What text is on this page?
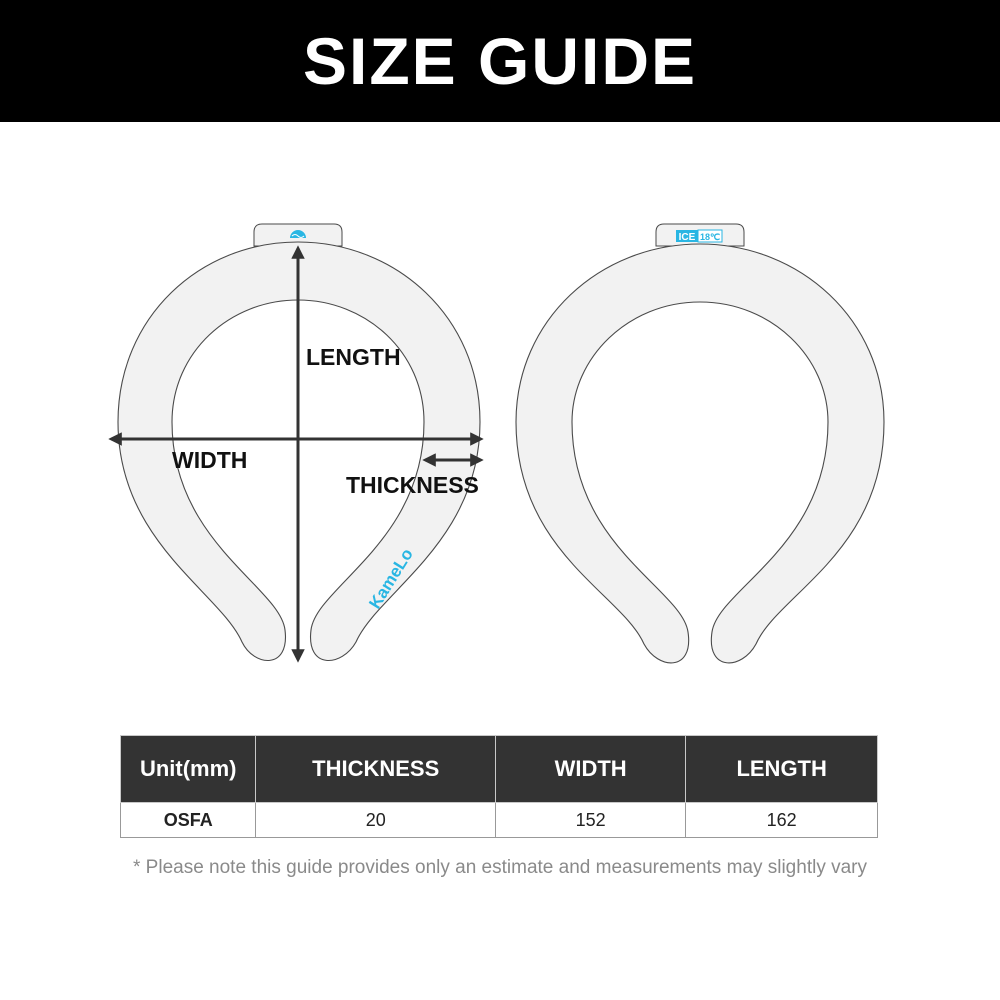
SIZE GUIDE
KameLo
LENGTH
WIDTH
THICKNESS
ICE 18℃
Unit(mm)	THICKNESS	WIDTH	LENGTH
OSFA	20	152	162
* Please note this guide provides only an estimate and measurements may slightly vary
